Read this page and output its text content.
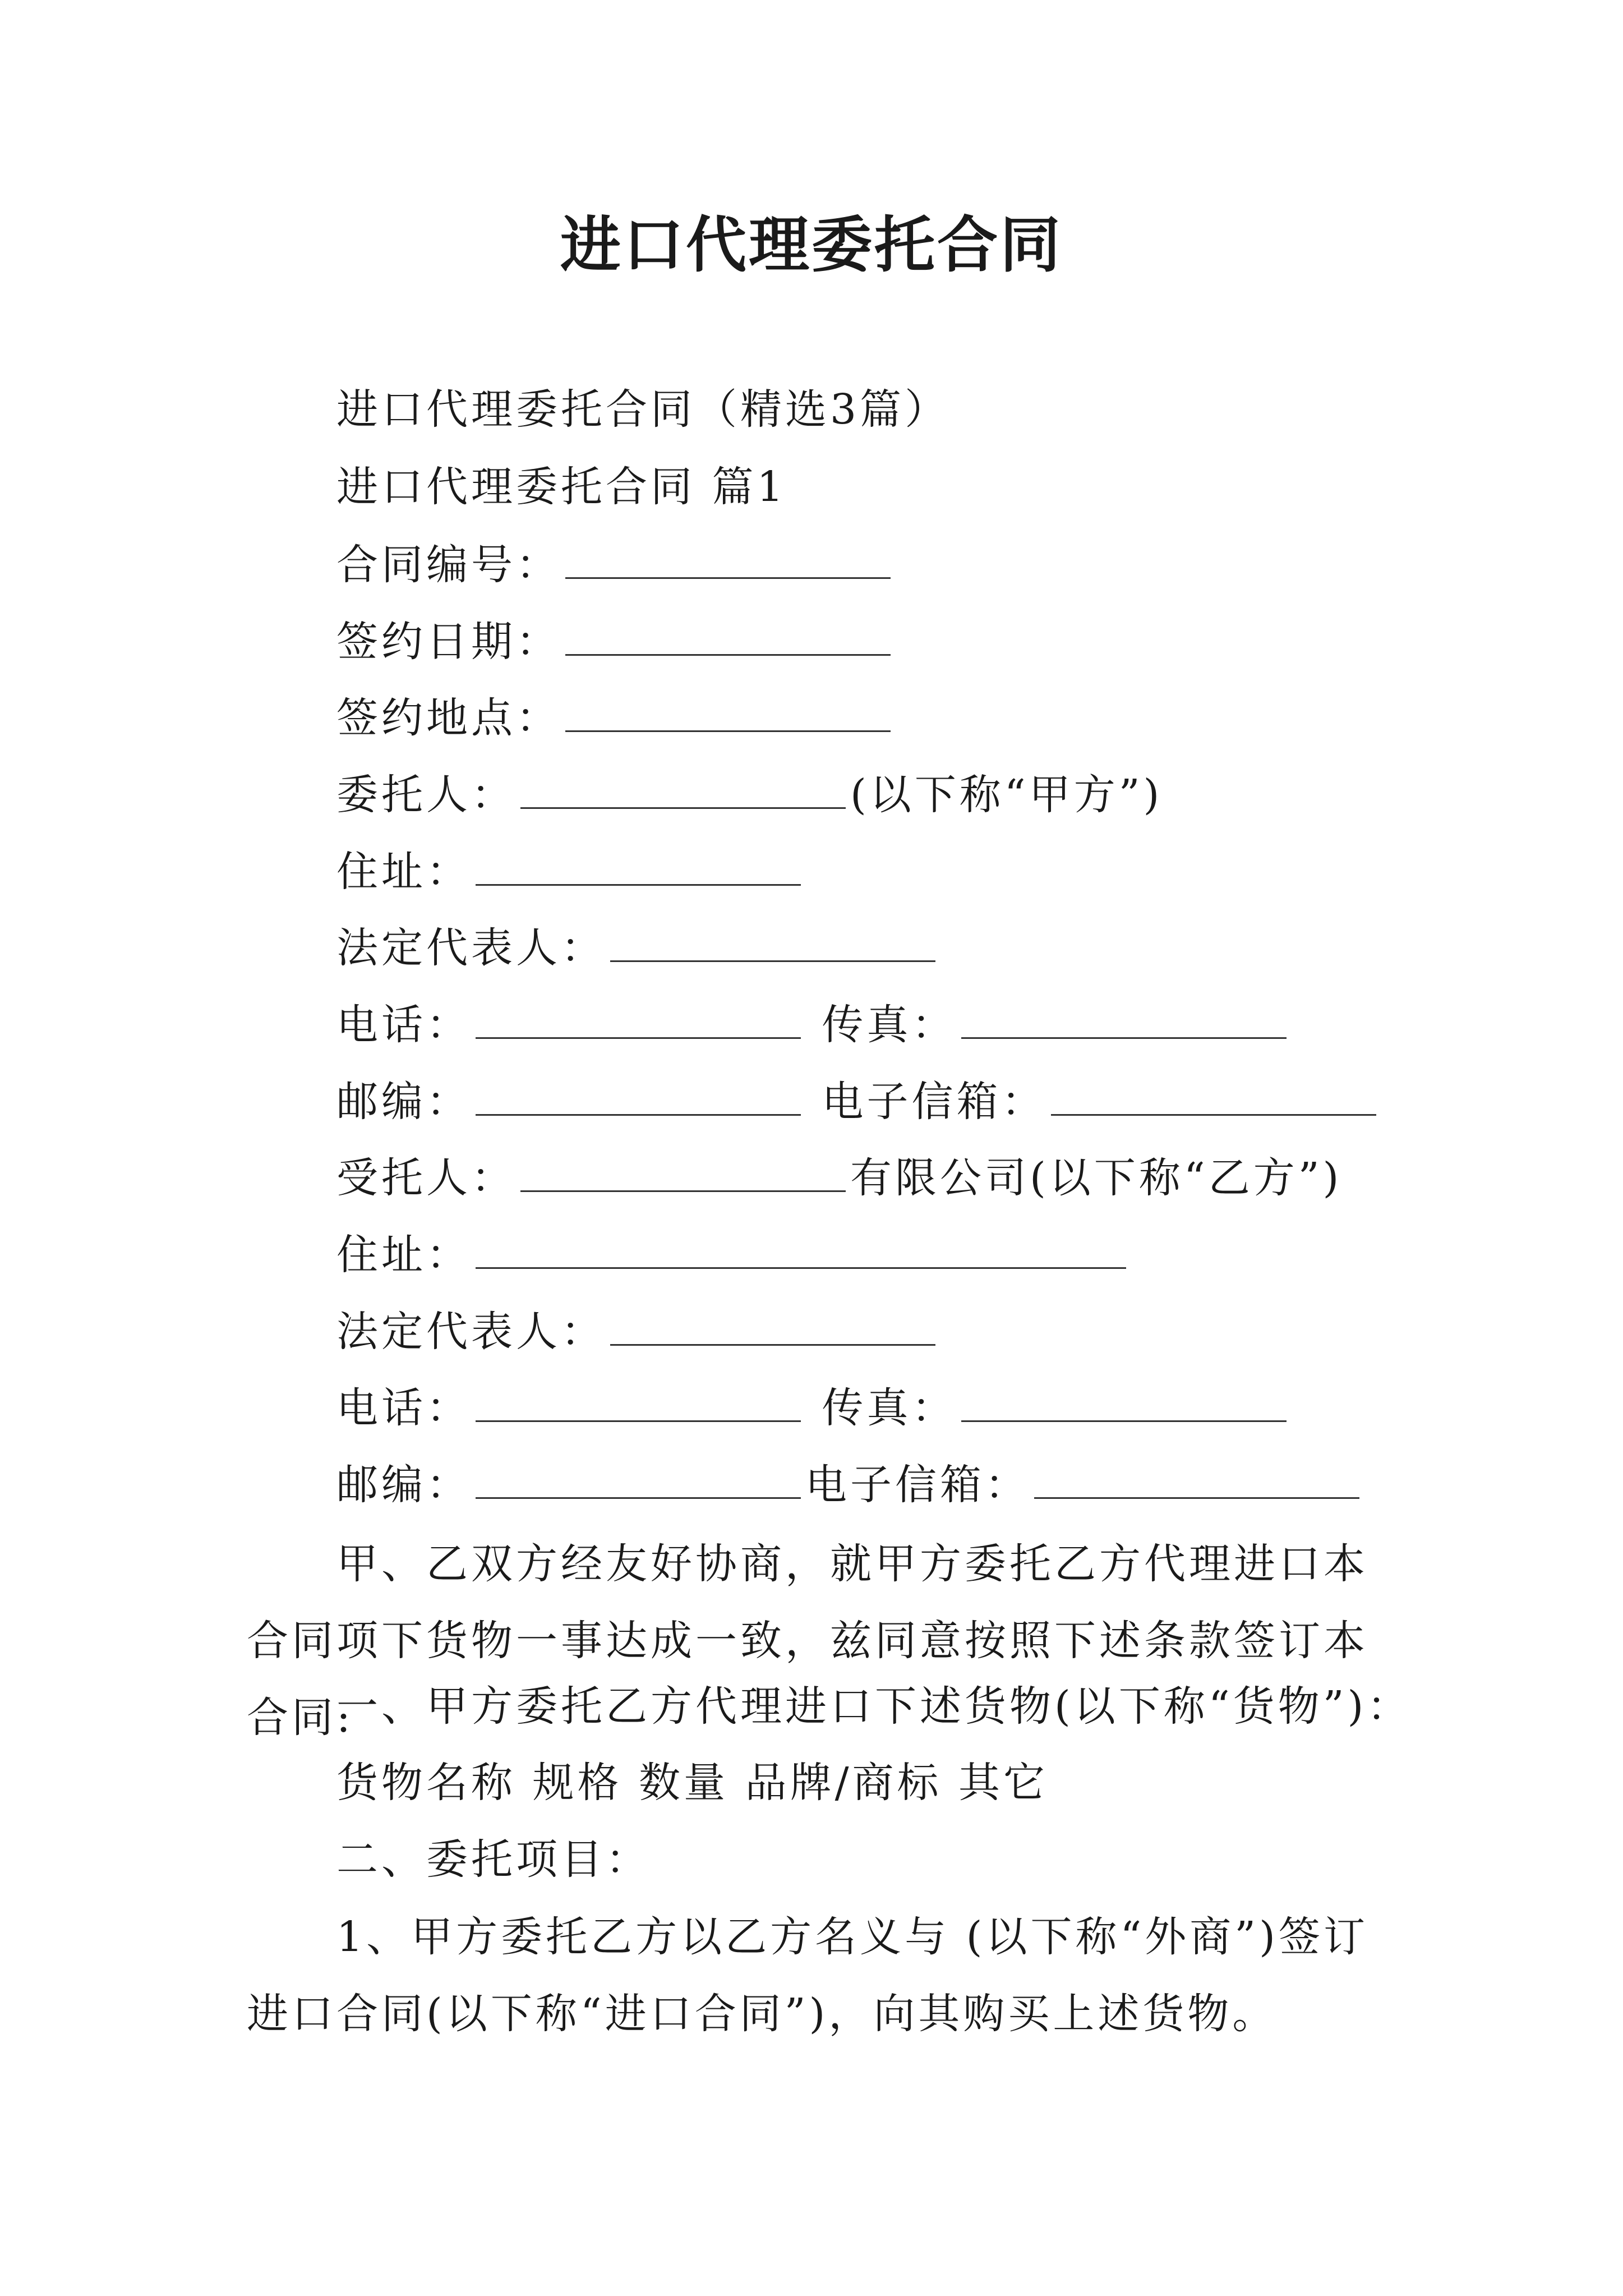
进口代理委托合同
进口代理委托合同（精选3篇）
进口代理委托合同 篇1
合同编号：
签约日期：
签约地点：
委托人：	(以下称“甲方”)
住址：
法定代表人：
电话：	传真：
邮编：	电子信箱：
受托人：	有限公司(以下称“乙方”)
住址：
法定代表人：
电话：	传真：
邮编：	电子信箱：
甲、乙双方经友好协商，就甲方委托乙方代理进口本合同项下货物一事达成一致，兹同意按照下述条款签订本合同:
一、甲方委托乙方代理进口下述货物(以下称“货物”)：
货物名称 规格 数量 品牌/商标 其它
二、委托项目：
1、甲方委托乙方以乙方名义与 (以下称“外商”)签订进口合同(以下称“进口合同”)，向其购买上述货物。
